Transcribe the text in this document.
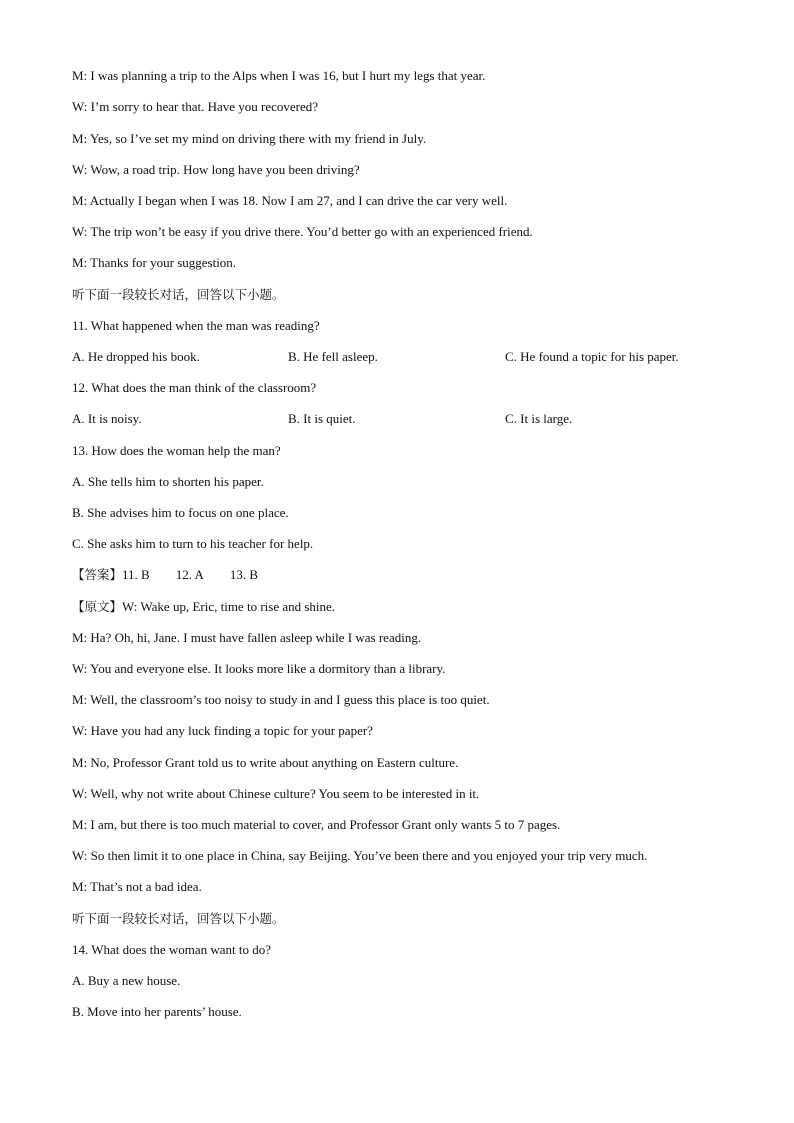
M: I was planning a trip to the Alps when I was 16, but I hurt my legs that year.
W: I’m sorry to hear that. Have you recovered?
M: Yes, so I’ve set my mind on driving there with my friend in July.
W: Wow, a road trip. How long have you been driving?
M: Actually I began when I was 18. Now I am 27, and I can drive the car very well.
W: The trip won’t be easy if you drive there. You’d better go with an experienced friend.
M: Thanks for your suggestion.
听下面一段较长对话，回答以下小题。
11. What happened when the man was reading?
A. He dropped his book.	B. He fell asleep.	C. He found a topic for his paper.
12. What does the man think of the classroom?
A. It is noisy.	B. It is quiet.	C. It is large.
13. How does the woman help the man?
A. She tells him to shorten his paper.
B. She advises him to focus on one place.
C. She asks him to turn to his teacher for help.
【答案】11. B 12. A 13. B
【原文】W: Wake up, Eric, time to rise and shine.
M: Ha? Oh, hi, Jane. I must have fallen asleep while I was reading.
W: You and everyone else. It looks more like a dormitory than a library.
M: Well, the classroom’s too noisy to study in and I guess this place is too quiet.
W: Have you had any luck finding a topic for your paper?
M: No, Professor Grant told us to write about anything on Eastern culture.
W: Well, why not write about Chinese culture? You seem to be interested in it.
M: I am, but there is too much material to cover, and Professor Grant only wants 5 to 7 pages.
W: So then limit it to one place in China, say Beijing. You’ve been there and you enjoyed your trip very much.
M: That’s not a bad idea.
听下面一段较长对话，回答以下小题。
14. What does the woman want to do?
A. Buy a new house.
B. Move into her parents’ house.
